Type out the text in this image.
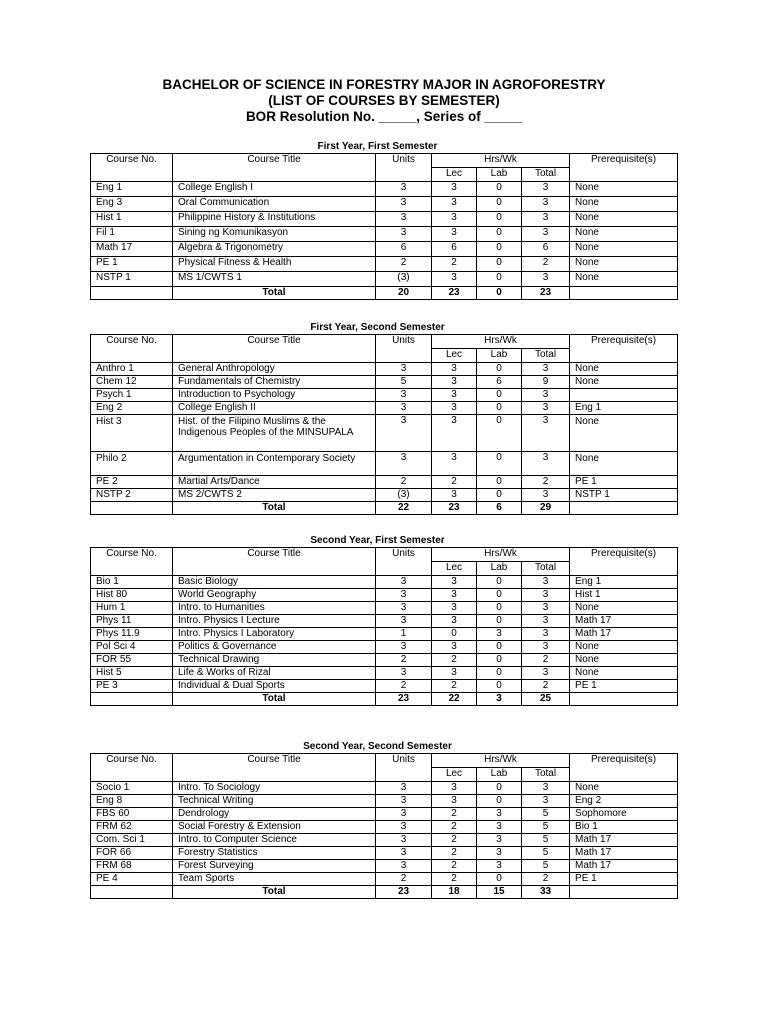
BACHELOR OF SCIENCE IN FORESTRY MAJOR IN AGROFORESTRY
(LIST OF COURSES BY SEMESTER)
BOR Resolution No. _____, Series of _____
First Year, First Semester
Course No.	Course Title	Units	Hrs/Wk			Prerequisite(s)
			Lec	Lab	Total	
Eng 1	College English I	3	3	0	3	None
Eng 3	Oral Communication	3	3	0	3	None
Hist 1	Philippine History & Institutions	3	3	0	3	None
Fil 1	Sining ng Komunikasyon	3	3	0	3	None
Math 17	Algebra & Trigonometry	6	6	0	6	None
PE 1	Physical Fitness & Health	2	2	0	2	None
NSTP 1	MS 1/CWTS 1	(3)	3	0	3	None
	Total	20	23	0	23	
First Year, Second Semester
Course No.	Course Title	Units	Hrs/Wk			Prerequisite(s)
			Lec	Lab	Total	
Anthro 1	General Anthropology	3	3	0	3	None
Chem 12	Fundamentals of Chemistry	5	3	6	9	None
Psych 1	Introduction to Psychology	3	3	0	3	
Eng 2	College English II	3	3	0	3	Eng 1
Hist 3	Hist. of the Filipino Muslims & the Indigenous Peoples of the MINSUPALA	3	3	0	3	None
Philo 2	Argumentation in Contemporary Society	3	3	0	3	None
PE 2	Martial Arts/Dance	2	2	0	2	PE 1
NSTP 2	MS 2/CWTS 2	(3)	3	0	3	NSTP 1
	Total	22	23	6	29	
Second Year, First Semester
Course No.	Course Title	Units	Hrs/Wk			Prerequisite(s)
			Lec	Lab	Total	
Bio 1	Basic Biology	3	3	0	3	Eng 1
Hist 80	World Geography	3	3	0	3	Hist 1
Hum 1	Intro. to Humanities	3	3	0	3	None
Phys 11	Intro. Physics I Lecture	3	3	0	3	Math 17
Phys 11.9	Intro. Physics I Laboratory	1	0	3	3	Math 17
Pol Sci 4	Politics & Governance	3	3	0	3	None
FOR 55	Technical Drawing	2	2	0	2	None
Hist 5	Life & Works of Rizal	3	3	0	3	None
PE 3	Individual & Dual Sports	2	2	0	2	PE 1
	Total	23	22	3	25	
Second Year, Second Semester
Course No.	Course Title	Units	Hrs/Wk			Prerequisite(s)
			Lec	Lab	Total	
Socio 1	Intro. To Sociology	3	3	0	3	None
Eng 8	Technical Writing	3	3	0	3	Eng 2
FBS 60	Dendrology	3	2	3	5	Sophomore
FRM 62	Social Forestry & Extension	3	2	3	5	Bio 1
Com. Sci 1	Intro. to Computer Science	3	2	3	5	Math 17
FOR 66	Forestry Statistics	3	2	3	5	Math 17
FRM 68	Forest Surveying	3	2	3	5	Math 17
PE 4	Team Sports	2	2	0	2	PE 1
	Total	23	18	15	33	
